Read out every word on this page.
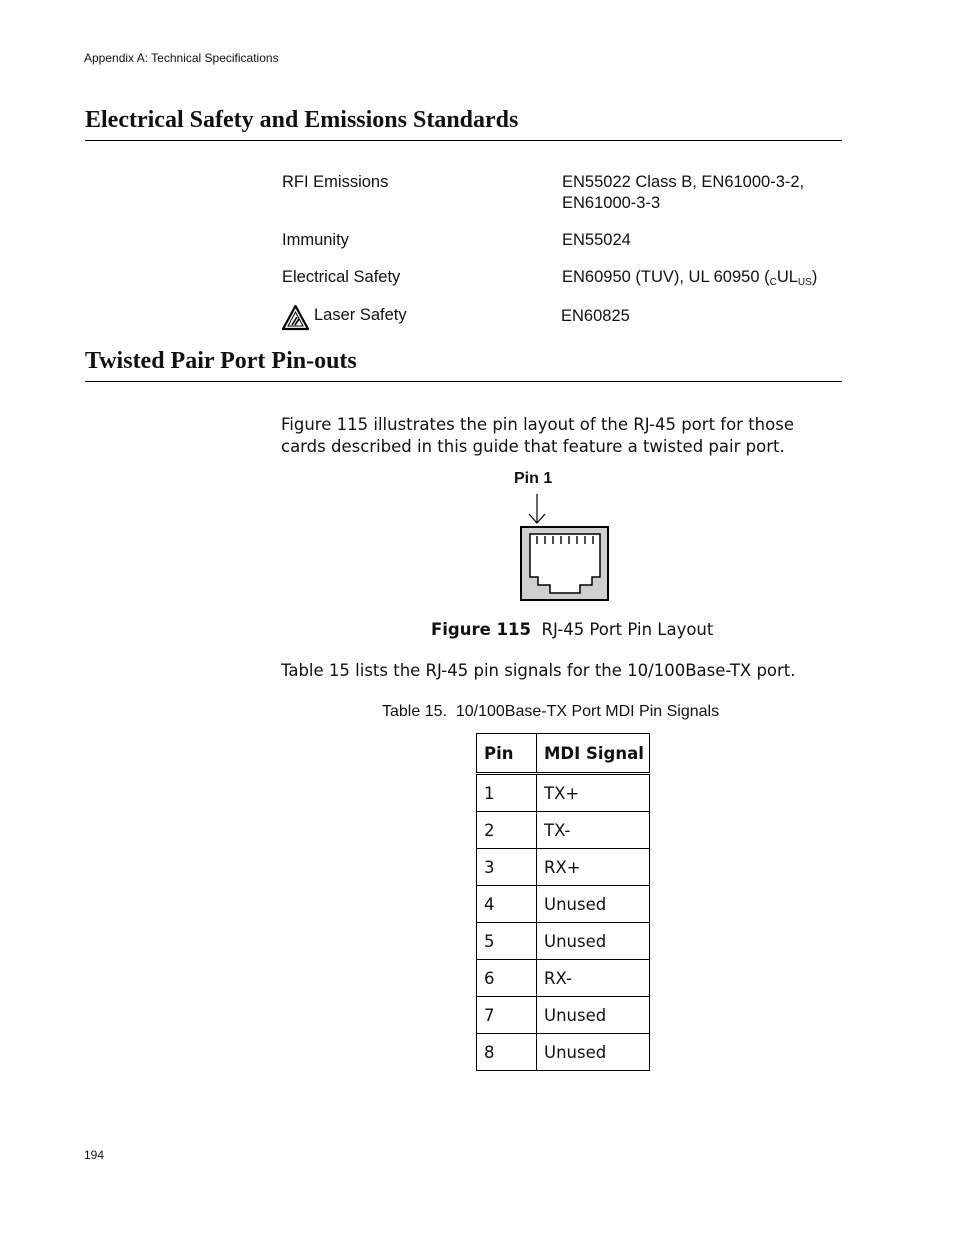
Appendix A: Technical Specifications
Electrical Safety and Emissions Standards
RFI Emissions	EN55022 Class B, EN61000-3-2,
EN61000-3-3
Immunity	EN55024
Electrical Safety	EN60950 (TUV), UL 60950 $(_CUL_{US})$
Laser Safety	EN60825
Twisted Pair Port Pin-outs
Figure 115 illustrates the pin layout of the RJ-45 port for those cards described in this guide that feature a twisted pair port.
Pin 1
Figure 115 RJ-45 Port Pin Layout
Table 15 lists the RJ-45 pin signals for the 10/100Base-TX port.
Table 15.  10/100Base-TX Port MDI Pin Signals
Pin	MDI Signal
1	TX+
2	TX-
3	RX+
4	Unused
5	Unused
6	RX-
7	Unused
8	Unused
194
